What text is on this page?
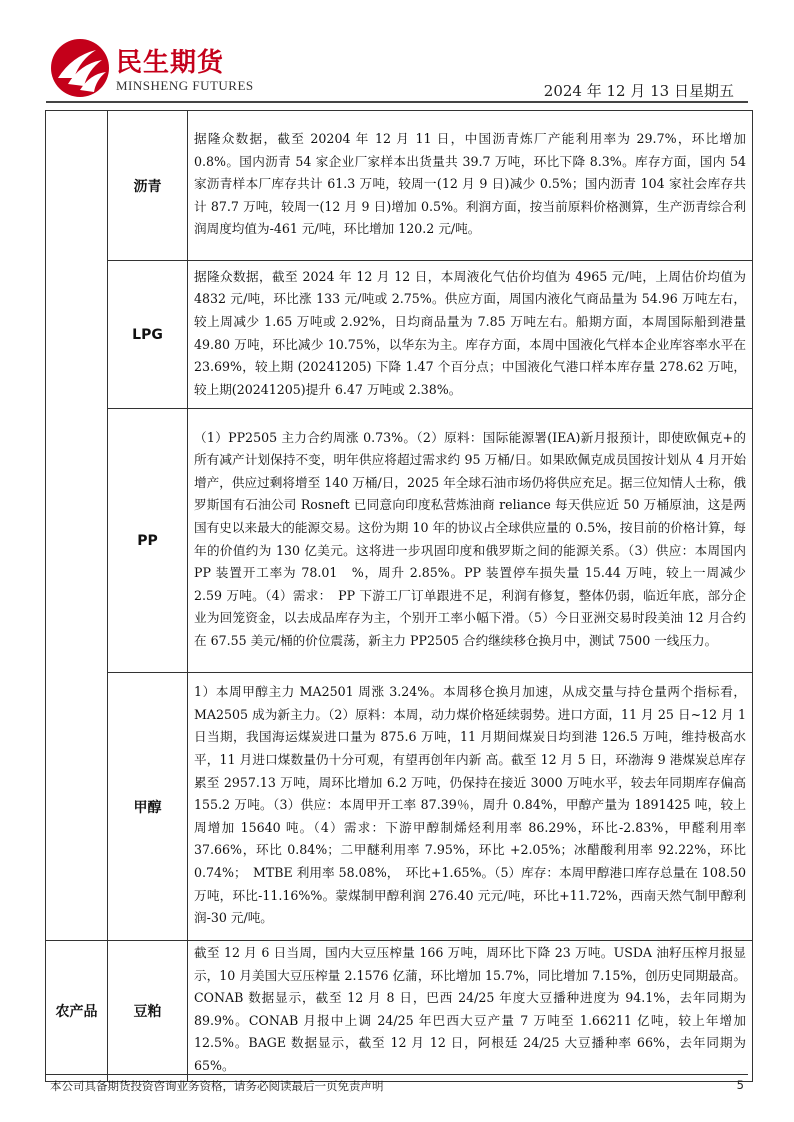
民生期货
MINSHENG FUTURES	2024 年 12 月 13 日星期五
	沥青	据隆众数据，截至 20204 年 12 月 11 日，中国沥青炼厂产能利用率为 29.7%，环比增加 0.8%。国内沥青 54 家企业厂家样本出货量共 39.7 万吨，环比下降 8.3%。库存方面，国内 54 家沥青样本厂库存共计 61.3 万吨，较周一(12 月 9 日)减少 0.5%；国内沥青 104 家社会库存共计 87.7 万吨，较周一(12 月 9 日)增加 0.5%。利润方面，按当前原料价格测算，生产沥青综合利润周度均值为-461 元/吨，环比增加 120.2 元/吨。
	LPG	据隆众数据，截至 2024 年 12 月 12 日，本周液化气估价均值为 4965 元/吨，上周估价均值为 4832 元/吨，环比涨 133 元/吨或 2.75%。供应方面，周国内液化气商品量为 54.96 万吨左右，较上周减少 1.65 万吨或 2.92%，日均商品量为 7.85 万吨左右。船期方面，本周国际船到港量 49.80 万吨，环比减少 10.75%，以华东为主。库存方面，本周中国液化气样本企业库容率水平在 23.69%，较上期 (20241205) 下降 1.47 个百分点；中国液化气港口样本库存量 278.62 万吨，较上期(20241205)提升 6.47 万吨或 2.38%。
	PP	（1）PP2505 主力合约周涨 0.73%。（2）原料：国际能源署(IEA)新月报预计，即使欧佩克+的所有减产计划保持不变，明年供应将超过需求约 95 万桶/日。如果欧佩克成员国按计划从 4 月开始增产，供应过剩将增至 140 万桶/日，2025 年全球石油市场仍将供应充足。据三位知情人士称，俄罗斯国有石油公司 Rosneft 已同意向印度私营炼油商 reliance 每天供应近 50 万桶原油，这是两国有史以来最大的能源交易。这份为期 10 年的协议占全球供应量的 0.5%，按目前的价格计算，每年的价值约为 130 亿美元。这将进一步巩固印度和俄罗斯之间的能源关系。（3）供应：本周国内 PP 装置开工率为 78.01　%，周升 2.85%。PP 装置停车损失量 15.44 万吨，较上一周减少 2.59 万吨。（4）需求：　PP 下游工厂订单跟进不足，利润有修复，整体仍弱，临近年底，部分企业为回笼资金，以去成品库存为主，个别开工率小幅下滑。（5）今日亚洲交易时段美油 12 月合约在 67.55 美元/桶的价位震荡，新主力 PP2505 合约继续移仓换月中，测试 7500 一线压力。
	甲醇	1）本周甲醇主力 MA2501 周涨 3.24%。本周移仓换月加速，从成交量与持仓量两个指标看，MA2505 成为新主力。（2）原料：本周，动力煤价格延续弱势。进口方面，11 月 25 日~12 月 1 日当期，我国海运煤炭进口量为 875.6 万吨，11 月期间煤炭日均到港 126.5 万吨，维持极高水平，11 月进口煤数量仍十分可观，有望再创年内新 高。截至 12 月 5 日，环渤海 9 港煤炭总库存累至 2957.13 万吨，周环比增加 6.2 万吨，仍保持在接近 3000 万吨水平，较去年同期库存偏高 155.2 万吨。（3）供应：本周甲开工率 87.39％，周升 0.84%，甲醇产量为 1891425 吨，较上周增加 15640 吨。（4）需求：下游甲醇制烯烃利用率 86.29%，环比-2.83%，甲醛利用率 37.66%，环比 0.84%；二甲醚利用率 7.95%，环比 +2.05%；冰醋酸利用率 92.22%，环比 0.74%；　MTBE 利用率 58.08%，　环比+1.65%。（5）库存：本周甲醇港口库存总量在 108.50 万吨，环比-11.16%%。蒙煤制甲醇利润 276.40 元元/吨，环比+11.72%，西南天然气制甲醇利润-30 元/吨。
农产品	豆粕	截至 12 月 6 日当周，国内大豆压榨量 166 万吨，周环比下降 23 万吨。USDA 油籽压榨月报显示，10 月美国大豆压榨量 2.1576 亿蒲，环比增加 15.7%，同比增加 7.15%，创历史同期最高。CONAB 数据显示，截至 12 月 8 日，巴西 24/25 年度大豆播种进度为 94.1%，去年同期为 89.9%。CONAB 月报中上调 24/25 年巴西大豆产量 7 万吨至 1.66211 亿吨，较上年增加 12.5%。BAGE 数据显示，截至 12 月 12 日，阿根廷 24/25 大豆播种率 66%，去年同期为 65%。
本公司具备期货投资咨询业务资格，请务必阅读最后一页免责声明	5
